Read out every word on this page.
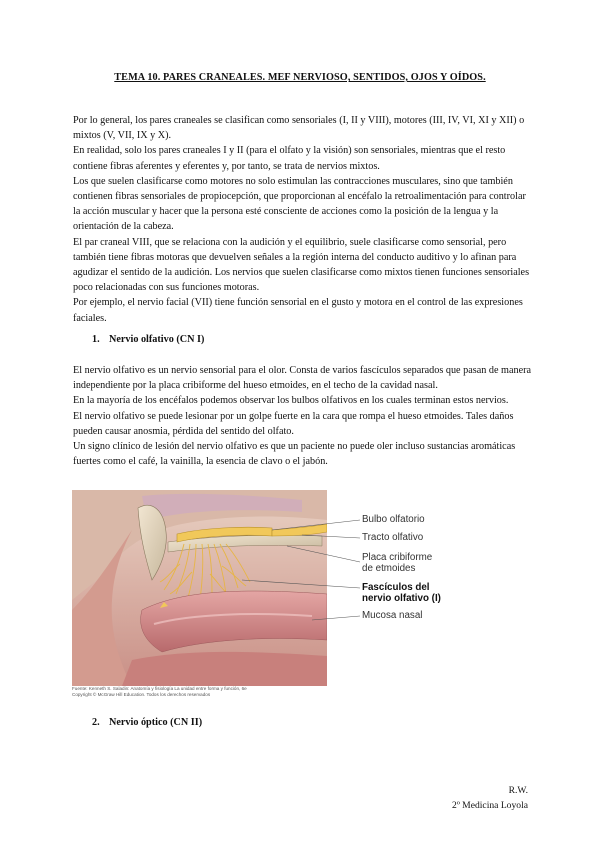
TEMA 10. PARES CRANEALES. MEF NERVIOSO, SENTIDOS, OJOS Y OÍDOS.

Por lo general, los pares craneales se clasifican como sensoriales (I, II y VIII), motores (III, IV, VI, XI y XII) o mixtos (V, VII, IX y X).

En realidad, solo los pares craneales I y II (para el olfato y la visión) son sensoriales, mientras que el resto contiene fibras aferentes y eferentes y, por tanto, se trata de nervios mixtos.

Los que suelen clasificarse como motores no solo estimulan las contracciones musculares, sino que también contienen fibras sensoriales de propiocepción, que proporcionan al encéfalo la retroalimentación para controlar la acción muscular y hacer que la persona esté consciente de acciones como la posición de la lengua y la orientación de la cabeza.

El par craneal VIII, que se relaciona con la audición y el equilibrio, suele clasificarse como sensorial, pero también tiene fibras motoras que devuelven señales a la región interna del conducto auditivo y lo afinan para agudizar el sentido de la audición. Los nervios que suelen clasificarse como mixtos tienen funciones sensoriales poco relacionadas con sus funciones motoras.

Por ejemplo, el nervio facial (VII) tiene función sensorial en el gusto y motora en el control de las expresiones faciales.

1. Nervio olfativo (CN I)

El nervio olfativo es un nervio sensorial para el olor. Consta de varios fascículos separados que pasan de manera independiente por la placa cribiforme del hueso etmoides, en el techo de la cavidad nasal.

En la mayoría de los encéfalos podemos observar los bulbos olfativos en los cuales terminan estos nervios.

El nervio olfativo se puede lesionar por un golpe fuerte en la cara que rompa el hueso etmoides. Tales daños pueden causar anosmia, pérdida del sentido del olfato.

Un signo clínico de lesión del nervio olfativo es que un paciente no puede oler incluso sustancias aromáticas fuertes como el café, la vainilla, la esencia de clavo o el jabón.

Bulbo olfatorio
Tracto olfativo
Placa cribiforme
de etmoides
Fascículos del
nervio olfativo (I)
Mucosa nasal
Fuente: Kenneth S. Saladin: Anatomía y fisiología La unidad entre forma y función, 6e
Copyright © McGraw Hill Education. Todos los derechos reservados
2. Nervio óptico (CN II)
R.W.
2º Medicina Loyola
